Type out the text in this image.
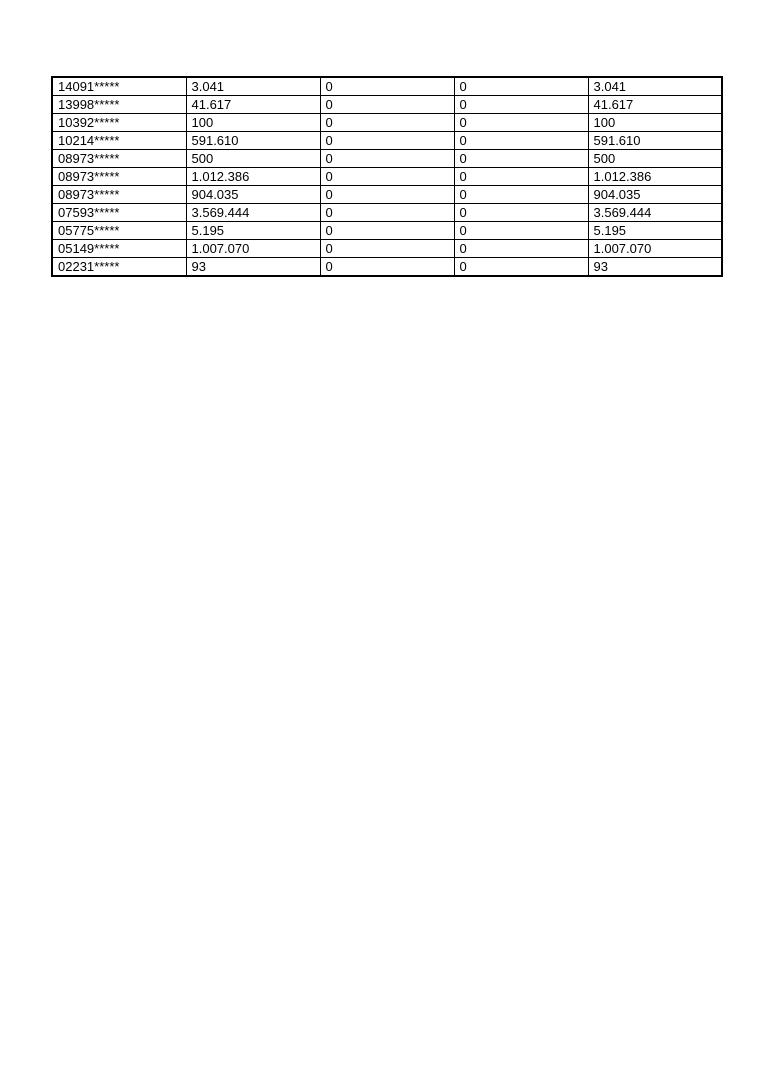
14091*****	3.041	0	0	3.041
13998*****	41.617	0	0	41.617
10392*****	100	0	0	100
10214*****	591.610	0	0	591.610
08973*****	500	0	0	500
08973*****	1.012.386	0	0	1.012.386
08973*****	904.035	0	0	904.035
07593*****	3.569.444	0	0	3.569.444
05775*****	5.195	0	0	5.195
05149*****	1.007.070	0	0	1.007.070
02231*****	93	0	0	93
